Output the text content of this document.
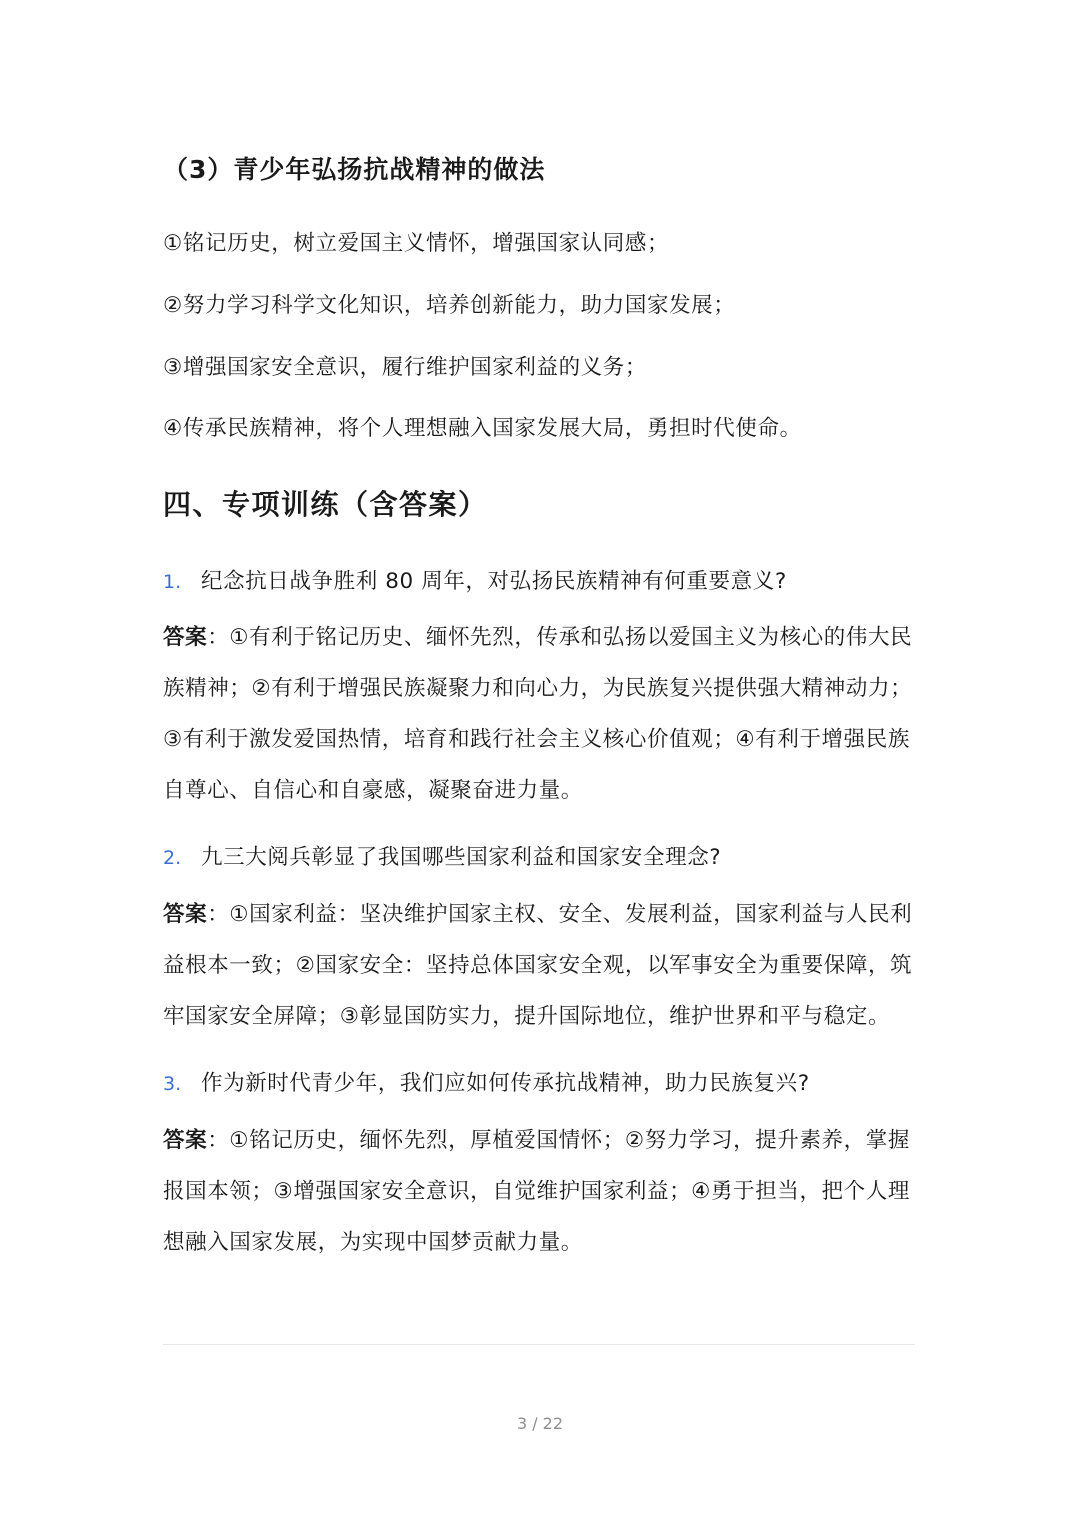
（3）青少年弘扬抗战精神的做法
①铭记历史，树立爱国主义情怀，增强国家认同感；
②努力学习科学文化知识，培养创新能力，助力国家发展；
③增强国家安全意识，履行维护国家利益的义务；
④传承民族精神，将个人理想融入国家发展大局，勇担时代使命。
四、专项训练（含答案）
1. 纪念抗日战争胜利 80 周年，对弘扬民族精神有何重要意义?
答案：①有利于铭记历史、缅怀先烈，传承和弘扬以爱国主义为核心的伟大民族精神；②有利于增强民族凝聚力和向心力，为民族复兴提供强大精神动力；③有利于激发爱国热情，培育和践行社会主义核心价值观；④有利于增强民族自尊心、自信心和自豪感，凝聚奋进力量。
2. 九三大阅兵彰显了我国哪些国家利益和国家安全理念?
答案：①国家利益：坚决维护国家主权、安全、发展利益，国家利益与人民利益根本一致；②国家安全：坚持总体国家安全观，以军事安全为重要保障，筑牢国家安全屏障；③彰显国防实力，提升国际地位，维护世界和平与稳定。
3. 作为新时代青少年，我们应如何传承抗战精神，助力民族复兴?
答案：①铭记历史，缅怀先烈，厚植爱国情怀；②努力学习，提升素养，掌握报国本领；③增强国家安全意识，自觉维护国家利益；④勇于担当，把个人理想融入国家发展，为实现中国梦贡献力量。
3 / 22
